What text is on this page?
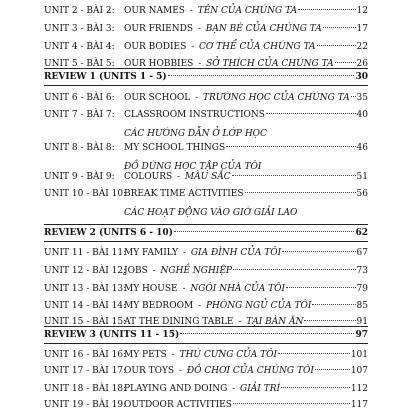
UNIT 2 - BÀI 2: OUR NAMES - TÊN CỦA CHÚNG TA	12
UNIT 3 - BÀI 3: OUR FRIENDS - BẠN BÈ CỦA CHÚNG TA	17
UNIT 4 - BÀI 4: OUR BODIES - CƠ THỂ CỦA CHÚNG TA	22
UNIT 5 - BÀI 5: OUR HOBBIES - SỞ THÍCH CỦA CHÚNG TA	26
REVIEW 1 (UNITS 1 - 5)	30
UNIT 6 - BÀI 6: OUR SCHOOL - TRƯỜNG HỌC CỦA CHÚNG TA 35
UNIT 7 - BÀI 7: CLASSROOM INSTRUCTIONS	40
CÁC HƯỚNG DẪN Ở LỚP HỌC
UNIT 8 - BÀI 8: MY SCHOOL THINGS	46
ĐỒ DÙNG HỌC TẬP CỦA TÔI
UNIT 9 - BÀI 9: COLOURS - MÀU SẮC	51
UNIT 10 - BÀI 10:
BREAK TIME ACTIVITIES	56
CÁC HOẠT ĐỘNG VÀO GIỜ GIẢI LAO
REVIEW 2 (UNITS 6 - 10)	62
UNIT 11 - BÀI 11:
MY FAMILY - GIA ĐÌNH CỦA TÔI	67
UNIT 12 - BÀI 12:
JOBS - NGHỀ NGHIỆP	73
UNIT 13 - BÀI 13:
MY HOUSE - NGÔI NHÀ CỦA TÔI	79
UNIT 14 - BÀI 14:
MY BEDROOM - PHÒNG NGỦ CỦA TÔI	85
UNIT 15 - BÀI 15:
AT THE DINING TABLE - TẠI BÀN ĂN	91
REVIEW 3 (UNITS 11 - 15)	97
UNIT 16 - BÀI 16:
MY PETS - THÚ CƯNG CỦA TÔI	101
UNIT 17 - BÀI 17:
OUR TOYS - ĐỒ CHƠI CỦA CHÚNG TÔI	107
UNIT 18 - BÀI 18:
PLAYING AND DOING - GIẢI TRÍ	112
UNIT 19 - BÀI 19:
OUTDOOR ACTIVITIES	117
